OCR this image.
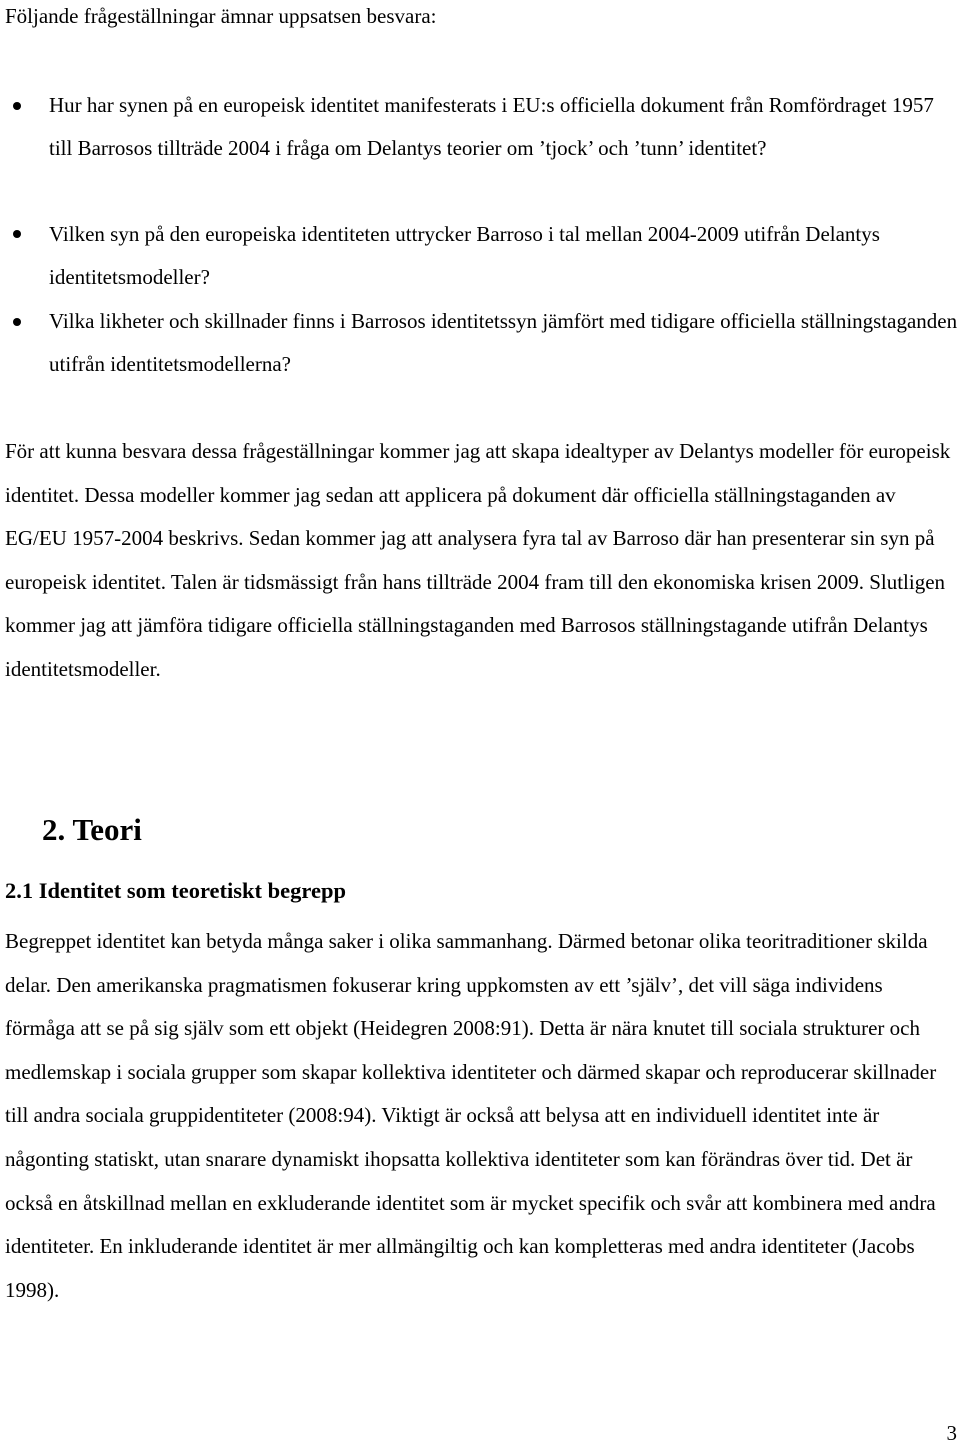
Följande frågeställningar ämnar uppsatsen besvara:
Hur har synen på en europeisk identitet manifesterats i EU:s officiella dokument från Romfördraget 1957 till Barrosos tillträde 2004 i fråga om Delantys teorier om ’tjock’ och ’tunn’ identitet?
Vilken syn på den europeiska identiteten uttrycker Barroso i tal mellan 2004-2009 utifrån Delantys identitetsmodeller?
Vilka likheter och skillnader finns i Barrosos identitetssyn jämfört med tidigare officiella ställningstaganden utifrån identitetsmodellerna?

För att kunna besvara dessa frågeställningar kommer jag att skapa idealtyper av Delantys modeller för europeisk identitet. Dessa modeller kommer jag sedan att applicera på dokument där officiella ställningstaganden av EG/EU 1957-2004 beskrivs. Sedan kommer jag att analysera fyra tal av Barroso där han presenterar sin syn på europeisk identitet. Talen är tidsmässigt från hans tillträde 2004 fram till den ekonomiska krisen 2009. Slutligen kommer jag att jämföra tidigare officiella ställningstaganden med Barrosos ställningstagande utifrån Delantys identitetsmodeller.

2. Teori
2.1 Identitet som teoretiskt begrepp

Begreppet identitet kan betyda många saker i olika sammanhang. Därmed betonar olika teoritraditioner skilda delar. Den amerikanska pragmatismen fokuserar kring uppkomsten av ett ’själv’, det vill säga individens förmåga att se på sig själv som ett objekt (Heidegren 2008:91). Detta är nära knutet till sociala strukturer och medlemskap i sociala grupper som skapar kollektiva identiteter och därmed skapar och reproducerar skillnader till andra sociala gruppidentiteter (2008:94). Viktigt är också att belysa att en individuell identitet inte är någonting statiskt, utan snarare dynamiskt ihopsatta kollektiva identiteter som kan förändras över tid. Det är också en åtskillnad mellan en exkluderande identitet som är mycket specifik och svår att kombinera med andra identiteter. En inkluderande identitet är mer allmängiltig och kan kompletteras med andra identiteter (Jacobs 1998).

3
